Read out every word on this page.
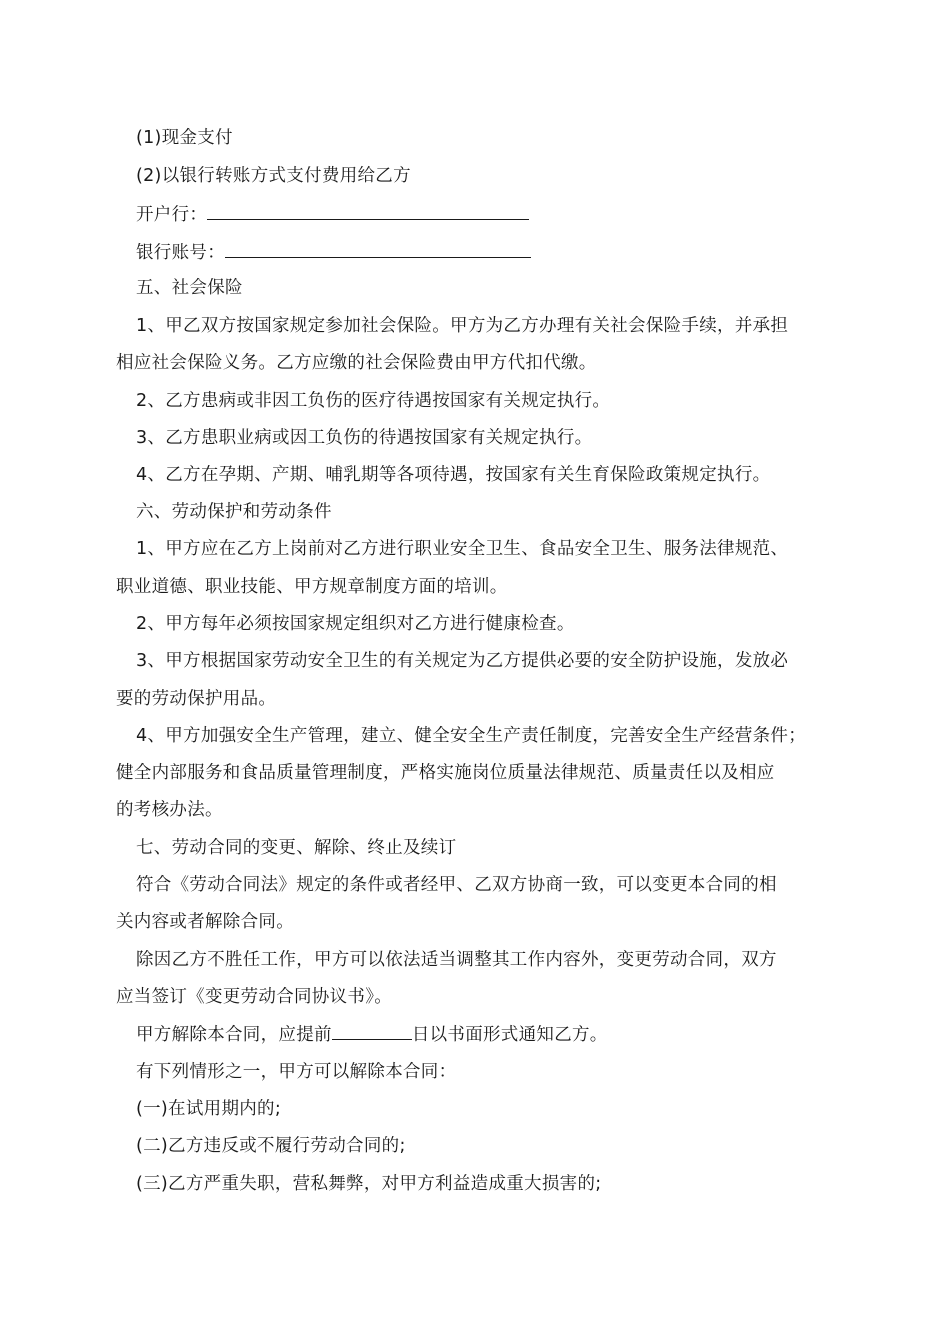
(1)现金支付
(2)以银行转账方式支付费用给乙方
开户行：
银行账号：
五、社会保险
1、甲乙双方按国家规定参加社会保险。甲方为乙方办理有关社会保险手续，并承担
相应社会保险义务。乙方应缴的社会保险费由甲方代扣代缴。
2、乙方患病或非因工负伤的医疗待遇按国家有关规定执行。
3、乙方患职业病或因工负伤的待遇按国家有关规定执行。
4、乙方在孕期、产期、哺乳期等各项待遇，按国家有关生育保险政策规定执行。
六、劳动保护和劳动条件
1、甲方应在乙方上岗前对乙方进行职业安全卫生、食品安全卫生、服务法律规范、
职业道德、职业技能、甲方规章制度方面的培训。
2、甲方每年必须按国家规定组织对乙方进行健康检查。
3、甲方根据国家劳动安全卫生的有关规定为乙方提供必要的安全防护设施，发放必
要的劳动保护用品。
4、甲方加强安全生产管理，建立、健全安全生产责任制度，完善安全生产经营条件；
健全内部服务和食品质量管理制度，严格实施岗位质量法律规范、质量责任以及相应
的考核办法。
七、劳动合同的变更、解除、终止及续订
符合《劳动合同法》规定的条件或者经甲、乙双方协商一致，可以变更本合同的相
关内容或者解除合同。
除因乙方不胜任工作，甲方可以依法适当调整其工作内容外，变更劳动合同，双方
应当签订《变更劳动合同协议书》。
甲方解除本合同，应提前	日以书面形式通知乙方。
有下列情形之一，甲方可以解除本合同：
(一)在试用期内的;
(二)乙方违反或不履行劳动合同的;
(三)乙方严重失职，营私舞弊，对甲方利益造成重大损害的;
